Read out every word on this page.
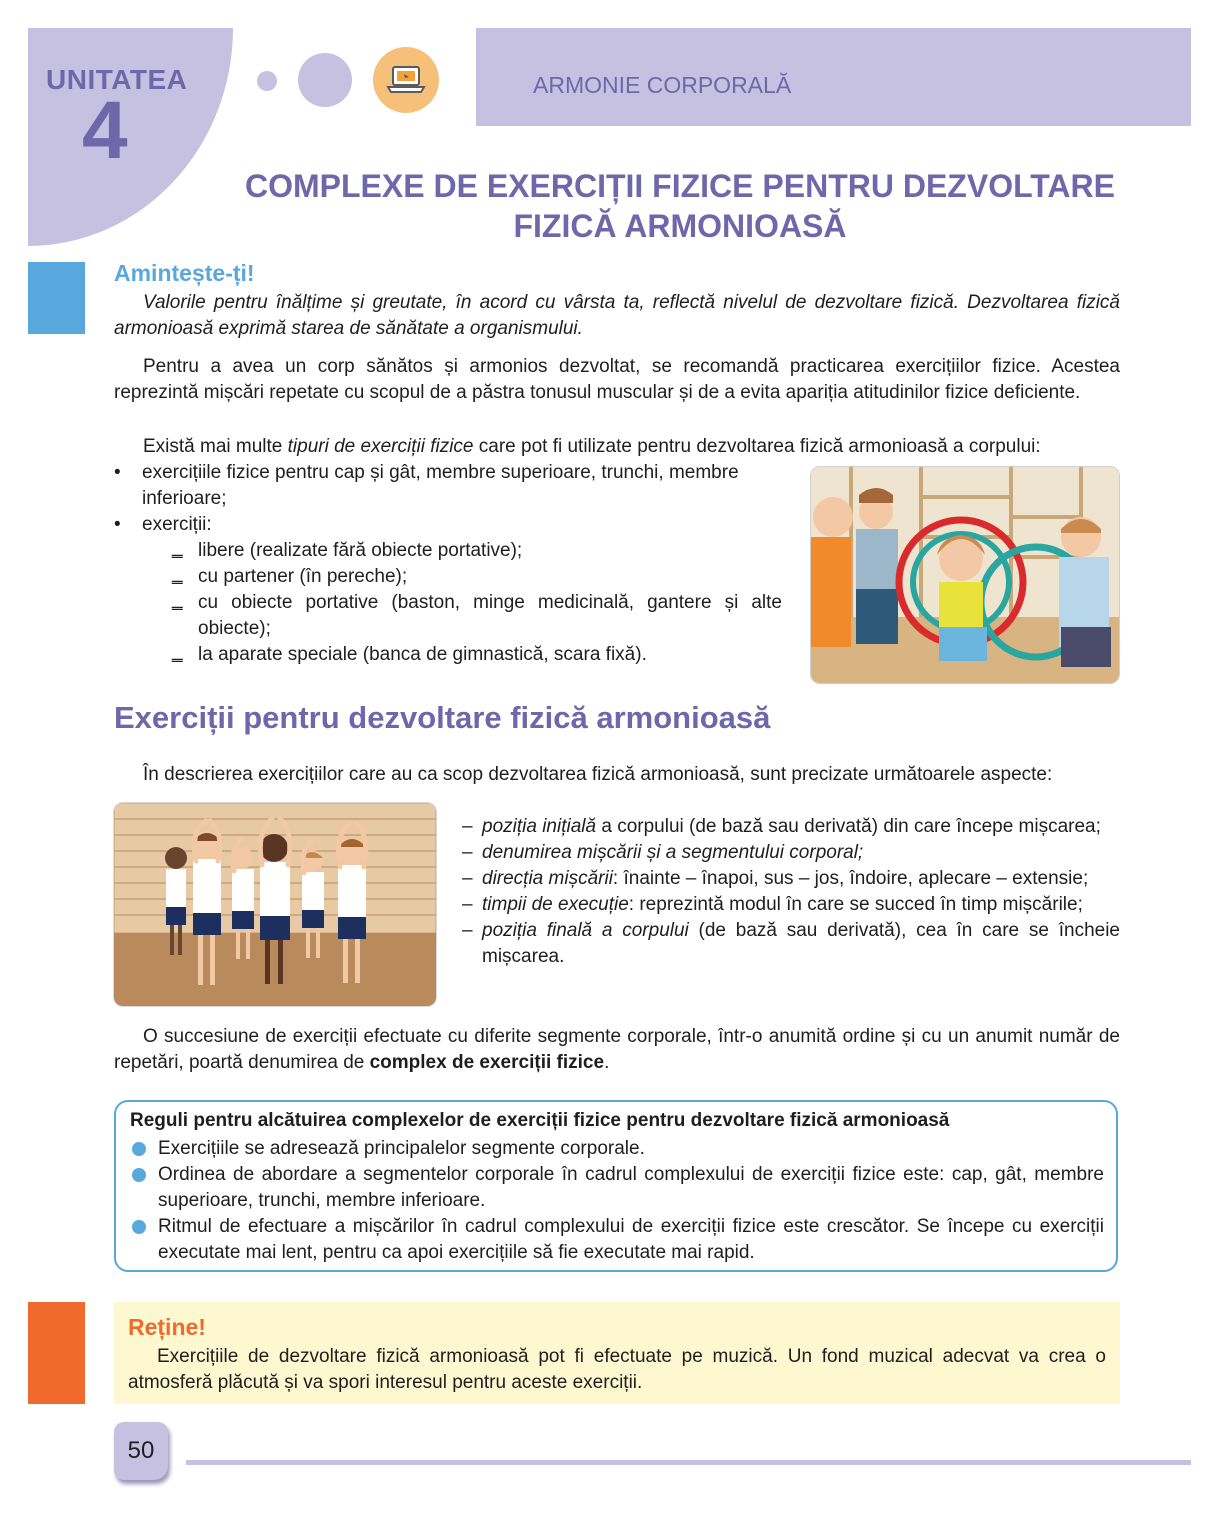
UNITATEA
4	ARMONIE CORPORALĂ
COMPLEXE DE EXERCIȚII FIZICE PENTRU DEZVOLTARE
FIZICĂ ARMONIOASĂ
Amintește-ți!
Valorile pentru înălțime și greutate, în acord cu vârsta ta, reflectă nivelul de dezvoltare fizică. Dezvoltarea fizică armonioasă exprimă starea de sănătate a organismului.
Pentru a avea un corp sănătos și armonios dezvoltat, se recomandă practicarea exercițiilor fizice. Acestea reprezintă mișcări repetate cu scopul de a păstra tonusul muscular și de a evita apariția atitudinilor fizice deficiente.
Există mai multe tipuri de exerciții fizice care pot fi utilizate pentru dezvoltarea fizică armonioasă a corpului:
• exercițiile fizice pentru cap și gât, membre superioare, trunchi, membre inferioare;
• exerciții:
‗ libere (realizate fără obiecte portative);
‗ cu partener (în pereche);
‗ cu obiecte portative (baston, minge medicinală, gantere și alte obiecte);
‗ la aparate speciale (banca de gimnastică, scara fixă).
Exerciții pentru dezvoltare fizică armonioasă
În descrierea exercițiilor care au ca scop dezvoltarea fizică armonioasă, sunt precizate următoarele aspecte:
– poziția inițială a corpului (de bază sau derivată) din care începe mișcarea;
– denumirea mișcării și a segmentului corporal;
– direcția mișcării: înainte – înapoi, sus – jos, îndoire, aplecare – extensie;
– timpii de execuție: reprezintă modul în care se succed în timp mișcările;
– poziția finală a corpului (de bază sau derivată), cea în care se încheie mișcarea.
O succesiune de exerciții efectuate cu diferite segmente corporale, într-o anumită ordine și cu un anumit număr de repetări, poartă denumirea de complex de exerciții fizice.
Reguli pentru alcătuirea complexelor de exerciții fizice pentru dezvoltare fizică armonioasă
Exercițiile se adresează principalelor segmente corporale.
Ordinea de abordare a segmentelor corporale în cadrul complexului de exerciții fizice este: cap, gât, membre superioare, trunchi, membre inferioare.
Ritmul de efectuare a mișcărilor în cadrul complexului de exerciții fizice este crescător. Se începe cu exerciții executate mai lent, pentru ca apoi exercițiile să fie executate mai rapid.
Reține!
Exercițiile de dezvoltare fizică armonioasă pot fi efectuate pe muzică. Un fond muzical adecvat va crea o atmosferă plăcută și va spori interesul pentru aceste exerciții.
50
